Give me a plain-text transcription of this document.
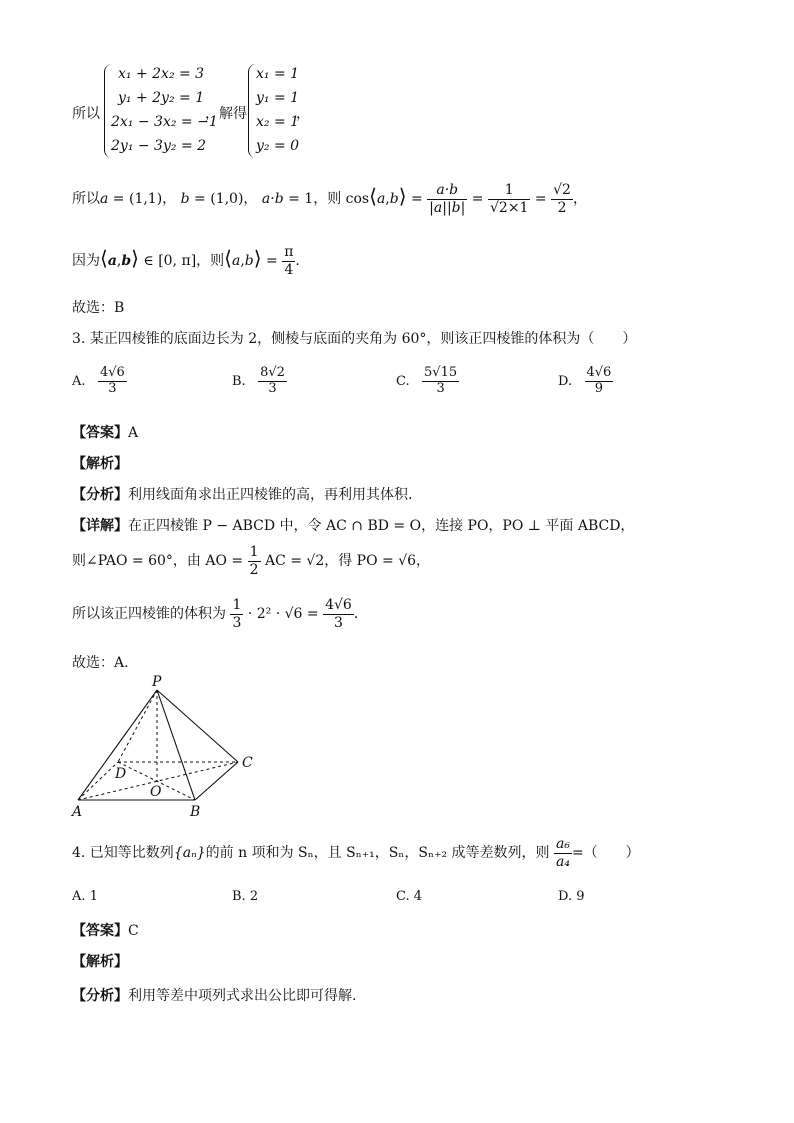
所以
x₁ + 2x₂ = 3
y₁ + 2y₂ = 1
2x₁ − 3x₂ = −1
2y₁ − 3y₂ = 2
，解得
x₁ = 1
y₁ = 1
x₂ = 1
y₂ = 0
，
所以a = (1,1)， b = (1,0)， a·b = 1，则 cos⟨a,b⟩ = $\frac{a\cdot b}{|a||b|} = \frac{1}{√2\times 1} = \frac{√2}{2}$ ，
因为⟨a,b⟩ ∈ [0, π]，则⟨a,b⟩ = $\frac{\pi}{4}$ .
故选：B
3. 某正四棱锥的底面边长为 2，侧棱与底面的夹角为 60°，则该正四棱锥的体积为（　　）
A. $\frac{4√6}{3}$	B. $\frac{8√2}{3}$	C. $\frac{5√15}{3}$	D. $\frac{4√6}{9}$
【答案】A
【解析】
【分析】利用线面角求出正四棱锥的高，再利用其体积.
【详解】在正四棱锥 P − ABCD 中，令 AC ∩ BD = O，连接 PO，PO ⊥ 平面 ABCD，
则∠PAO = 60°，由 AO = $\frac{1}{2}$ AC = √2，得 PO = √6，
所以该正四棱锥的体积为 $\frac{1}{3} \cdot 2^2 \cdot √6 = \frac{4√6}{3}$ .
故选：A.
P
A	B
C
D
O
4. 已知等比数列{aₙ}的前 n 项和为 Sₙ，且 Sₙ₊₁，Sₙ，Sₙ₊₂ 成等差数列，则 $\frac{\text{a₆}}{\text{a₄}}$ =（　　）
A. 1	B. 2	C. 4	D. 9
【答案】C
【解析】
【分析】利用等差中项列式求出公比即可得解.
